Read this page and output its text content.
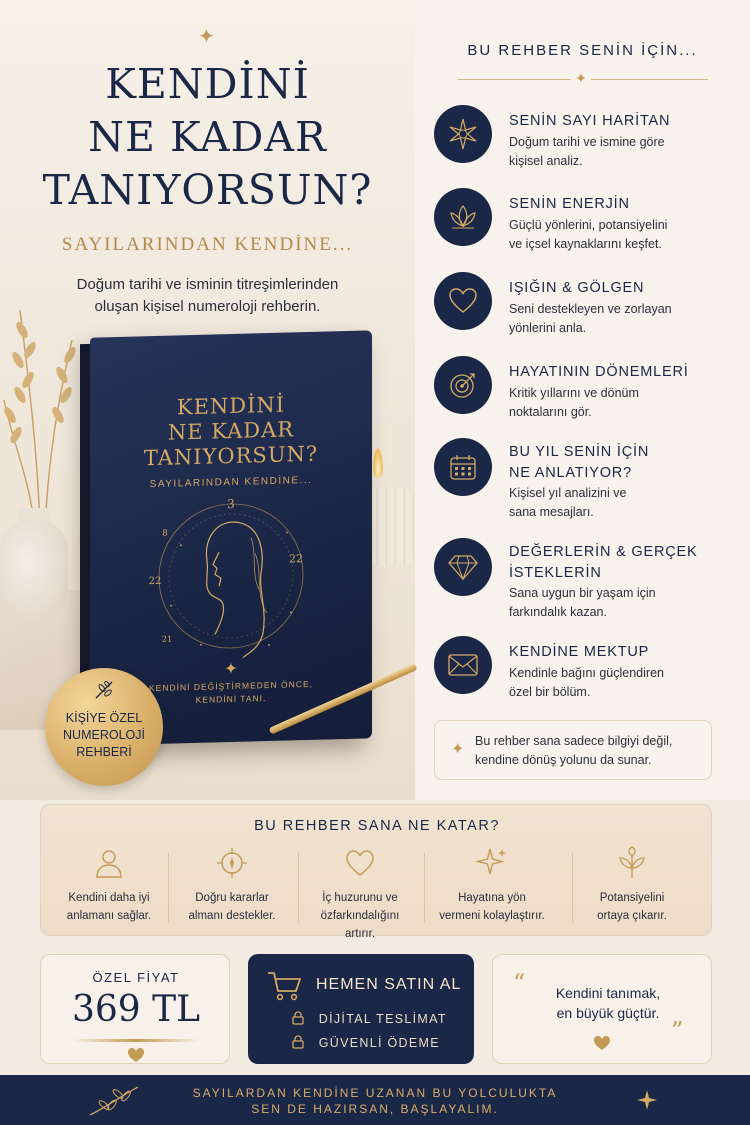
✦
KENDİNİ
NE KADAR
TANIYORSUN?
SAYILARINDAN KENDİNE...
Doğum tarihi ve isminin titreşimlerinden
oluşan kişisel numeroloji rehberin.
KENDİNİ
NE KADAR
TANIYORSUN?
SAYILARINDAN KENDİNE...
3
8
22
22
21
✦
KENDİNİ DEĞİŞTİRMEDEN ÖNCE,
KENDİNİ TANI.
KİŞİYE ÖZEL
NUMEROLOJİ
REHBERİ
BU REHBER SENİN İÇİN...
✦
SENİN SAYI HARİTAN
Doğum tarihi ve ismine göre
kişisel analiz.
SENİN ENERJİN
Güçlü yönlerini, potansiyelini
ve içsel kaynaklarını keşfet.
IŞIĞIN & GÖLGEN
Seni destekleyen ve zorlayan
yönlerini anla.
HAYATININ DÖNEMLERİ
Kritik yıllarını ve dönüm
noktalarını gör.
BU YIL SENİN İÇİN
NE ANLATIYOR?
Kişisel yıl analizini ve
sana mesajları.
DEĞERLERİN & GERÇEK
İSTEKLERİN
Sana uygun bir yaşam için
farkındalık kazan.
KENDİNE MEKTUP
Kendinle bağını güçlendiren
özel bir bölüm.
✦ Bu rehber sana sadece bilgiyi değil,
kendine dönüş yolunu da sunar.
BU REHBER SANA NE KATAR?
Kendini daha iyi
anlamanı sağlar.
Doğru kararlar
almanı destekler.
İç huzurunu ve
özfarkındalığını
artırır.
Hayatına yön
vermeni kolaylaştırır.
Potansiyelini
ortaya çıkarır.
ÖZEL FİYAT
369 TL
HEMEN SATIN AL
DİJİTAL TESLİMAT
GÜVENLİ ÖDEME
“	Kendini tanımak,
en büyük güçtür.
”
SAYILARDAN KENDİNE UZANAN BU YOLCULUKTA
SEN DE HAZIRSAN, BAŞLAYALIM.
